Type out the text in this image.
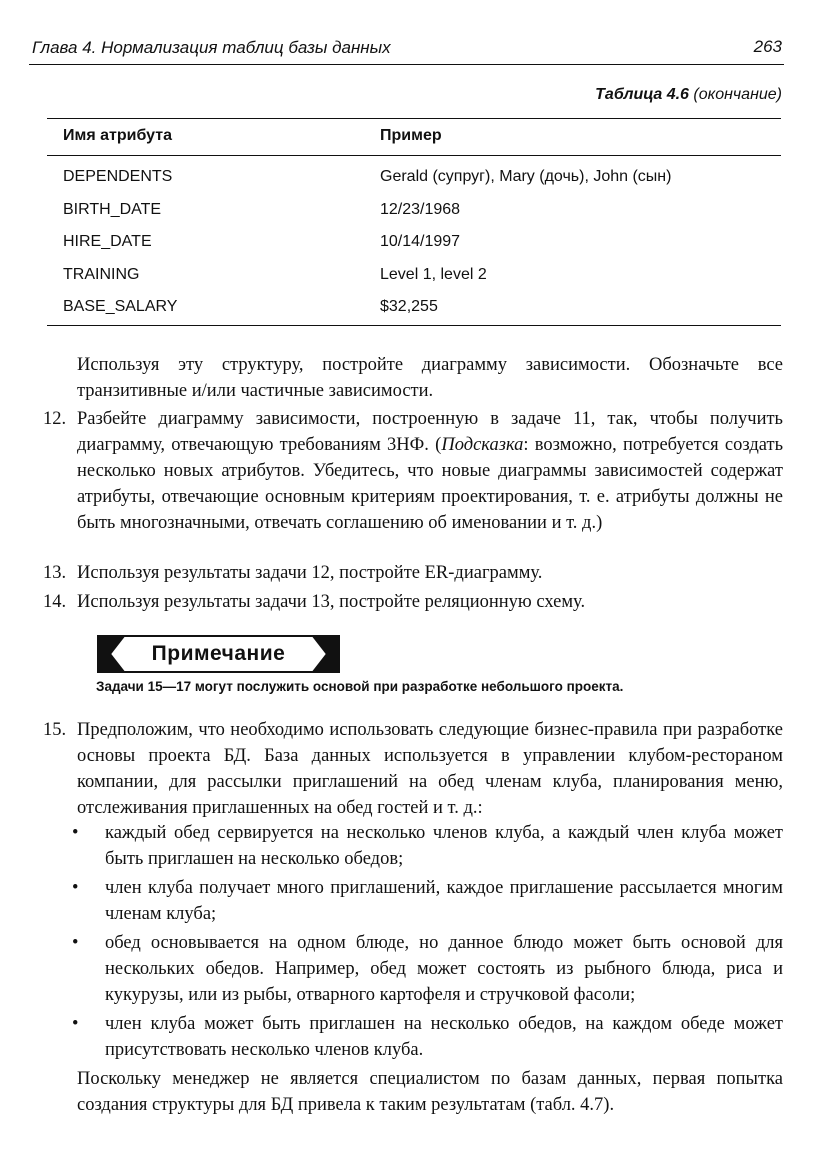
Глава 4. Нормализация таблиц базы данных	263
Таблица 4.6 (окончание)
Имя атрибута	Пример
DEPENDENTS	Gerald (супруг), Mary (дочь), John (сын)
BIRTH_DATE	12/23/1968
HIRE_DATE	10/14/1997
TRAINING	Level 1, level 2
BASE_SALARY	$32,255

Используя эту структуру, постройте диаграмму зависимости. Обозначьте все транзитивные и/или частичные зависимости.

12. Разбейте диаграмму зависимости, построенную в задаче 11, так, чтобы получить диаграмму, отвечающую требованиям 3НФ. (Подсказка: возможно, потребуется создать несколько новых атрибутов. Убедитесь, что новые диаграммы зависимостей содержат атрибуты, отвечающие основным критериям проектирования, т. е. атрибуты должны не быть многозначными, отвечать соглашению об именовании и т. д.)
13. Используя результаты задачи 12, постройте ER-диаграмму.
14. Используя результаты задачи 13, постройте реляционную схему.
Примечание
Задачи 15—17 могут послужить основой при разработке небольшого проекта.
15. Предположим, что необходимо использовать следующие бизнес-правила при разработке основы проекта БД. База данных используется в управлении клубом-рестораном компании, для рассылки приглашений на обед членам клуба, планирования меню, отслеживания приглашенных на обед гостей и т. д.:
• каждый обед сервируется на несколько членов клуба, а каждый член клуба может быть приглашен на несколько обедов;
• член клуба получает много приглашений, каждое приглашение рассылается многим членам клуба;
• обед основывается на одном блюде, но данное блюдо может быть основой для нескольких обедов. Например, обед может состоять из рыбного блюда, риса и кукурузы, или из рыбы, отварного картофеля и стручковой фасоли;
• член клуба может быть приглашен на несколько обедов, на каждом обеде может присутствовать несколько членов клуба.

Поскольку менеджер не является специалистом по базам данных, первая попытка создания структуры для БД привела к таким результатам (табл. 4.7).
